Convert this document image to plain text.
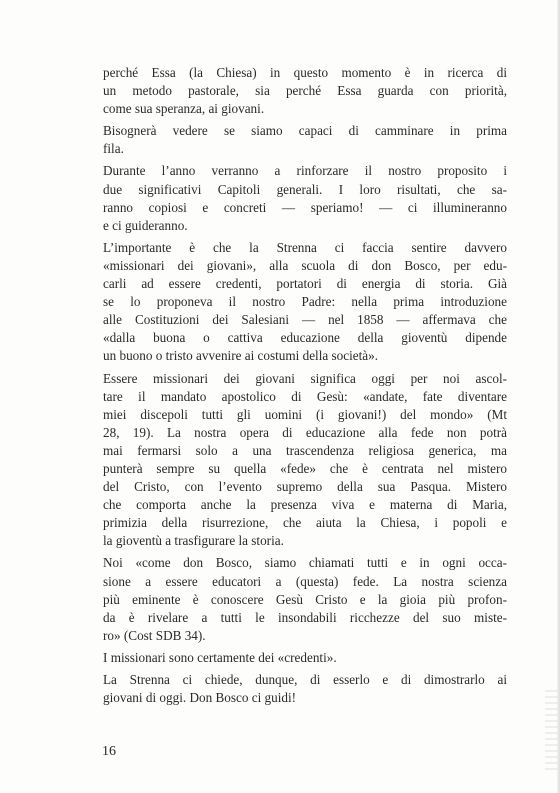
perché Essa (la Chiesa) in questo momento è in ricerca di
un metodo pastorale, sia perché Essa guarda con priorità,
come sua speranza, ai giovani.

Bisognerà vedere se siamo capaci di camminare in prima
fila.

Durante l’anno verranno a rinforzare il nostro proposito i
due significativi Capitoli generali. I loro risultati, che sa-
ranno copiosi e concreti — speriamo! — ci illumineranno
e ci guideranno.

L’importante è che la Strenna ci faccia sentire davvero
«missionari dei giovani», alla scuola di don Bosco, per edu-
carli ad essere credenti, portatori di energia di storia. Già
se lo proponeva il nostro Padre: nella prima introduzione
alle Costituzioni dei Salesiani — nel 1858 — affermava che
«dalla buona o cattiva educazione della gioventù dipende
un buono o tristo avvenire ai costumi della società».

Essere missionari dei giovani significa oggi per noi ascol-
tare il mandato apostolico di Gesù: «andate, fate diventare
miei discepoli tutti gli uomini (i giovani!) del mondo» (Mt
28, 19). La nostra opera di educazione alla fede non potrà
mai fermarsi solo a una trascendenza religiosa generica, ma
punterà sempre su quella «fede» che è centrata nel mistero
del Cristo, con l’evento supremo della sua Pasqua. Mistero
che comporta anche la presenza viva e materna di Maria,
primizia della risurrezione, che aiuta la Chiesa, i popoli e
la gioventù a trasfigurare la storia.

Noi «come don Bosco, siamo chiamati tutti e in ogni occa-
sione a essere educatori a (questa) fede. La nostra scienza
più eminente è conoscere Gesù Cristo e la gioia più profon-
da è rivelare a tutti le insondabili ricchezze del suo miste-
ro» (Cost SDB 34).

I missionari sono certamente dei «credenti».

La Strenna ci chiede, dunque, di esserlo e di dimostrarlo ai
giovani di oggi. Don Bosco ci guidi!

16
